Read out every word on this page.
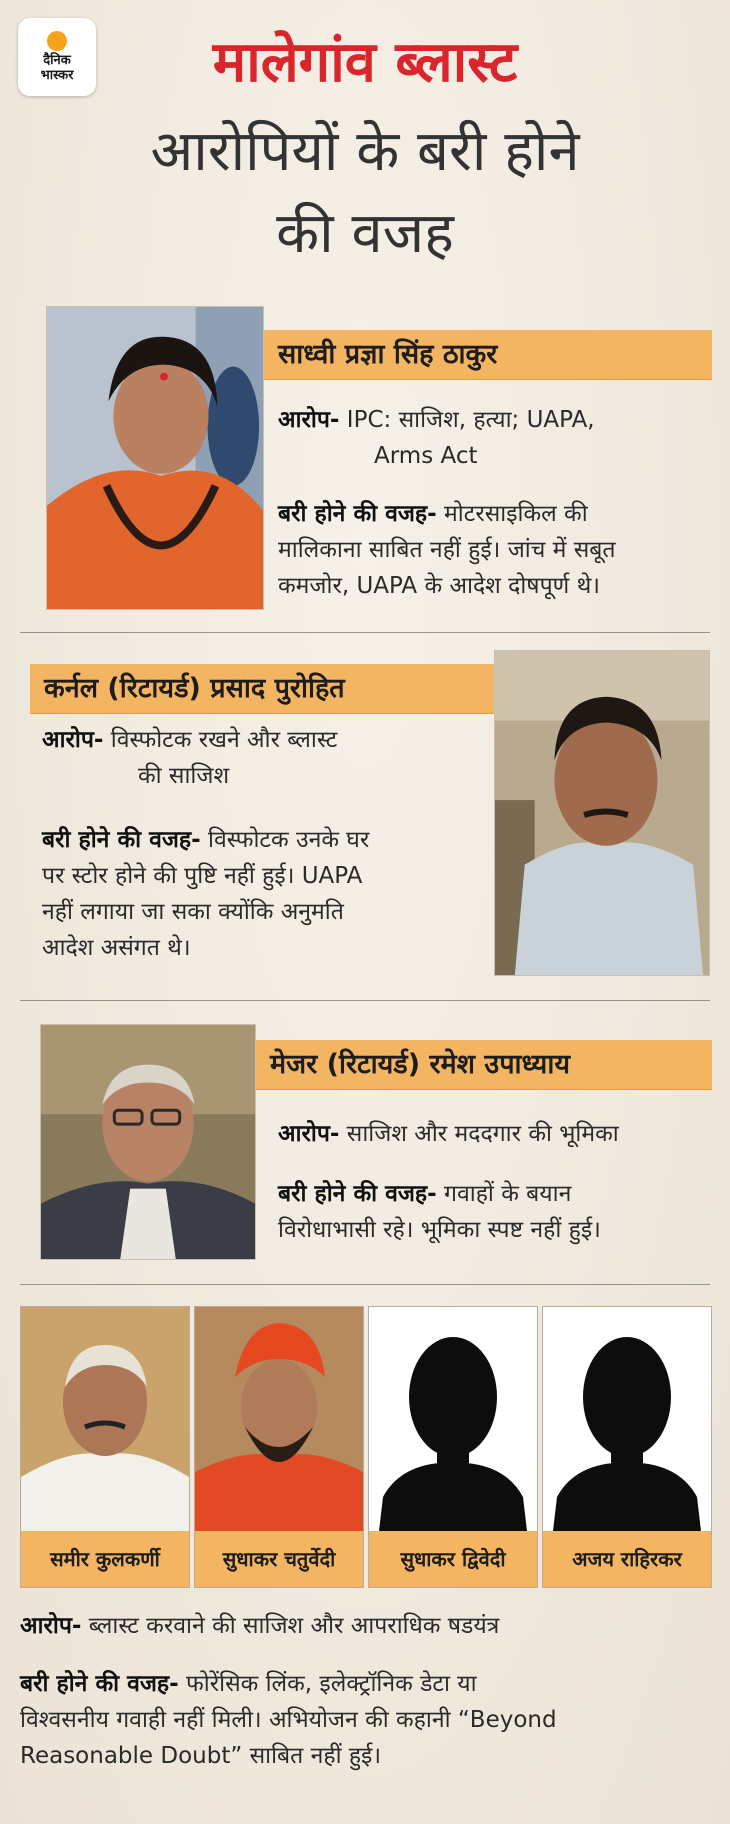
दैनिक
भास्कर	मालेगांव ब्लास्ट
आरोपियों के बरी होने
की वजह
साध्वी प्रज्ञा सिंह ठाकुर
आरोप- IPC: साजिश, हत्या; UAPA,
Arms Act
बरी होने की वजह- मोटरसाइकिल की
मालिकाना साबित नहीं हुई। जांच में सबूत
कमजोर, UAPA के आदेश दोषपूर्ण थे।
कर्नल (रिटायर्ड) प्रसाद पुरोहित
आरोप- विस्फोटक रखने और ब्लास्ट
की साजिश
बरी होने की वजह- विस्फोटक उनके घर
पर स्टोर होने की पुष्टि नहीं हुई। UAPA
नहीं लगाया जा सका क्योंकि अनुमति
आदेश असंगत थे।
मेजर (रिटायर्ड) रमेश उपाध्याय
आरोप- साजिश और मददगार की भूमिका
बरी होने की वजह- गवाहों के बयान
विरोधाभासी रहे। भूमिका स्पष्ट नहीं हुई।
समीर कुलकर्णी	सुधाकर चतुर्वेदी	सुधाकर द्विवेदी	अजय राहिरकर
आरोप- ब्लास्ट करवाने की साजिश और आपराधिक षडयंत्र
बरी होने की वजह- फोरेंसिक लिंक, इलेक्ट्रॉनिक डेटा या
विश्वसनीय गवाही नहीं मिली। अभियोजन की कहानी “Beyond
Reasonable Doubt” साबित नहीं हुई।
